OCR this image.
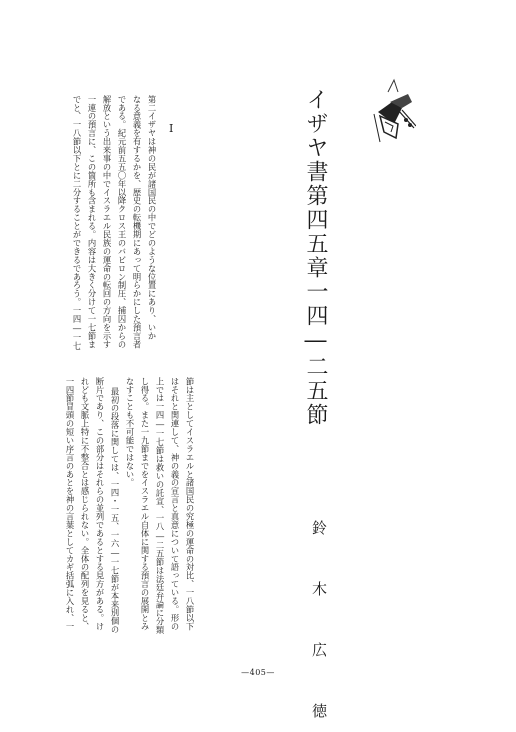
イザヤ書第四五章一四―二五節
I
第二イザヤは神の民が諸国民の中でどのような位置にあり、いか
なる意義を有するかを、歴史の転機期にあって明らかにした預言者
である。紀元前五五〇年以降クロス王のバビロン制圧、捕囚からの
解放という出来事の中でイスラエル民族の運命の転回の方向を示す
一連の預言に、この箇所も含まれる。内容は大きく分けて一七節ま
でと、一八節以下とに二分することができるであろう。一四―一七
節は主としてイスラエルと諸国民の究極の運命の対比、一八節以下
はそれと関連して、神の義の宣言と真意について語っている。形の
上では一四―一七節は救いの託宣、一八―二五節は法廷弁論に分類
し得る。また一九節までをイスラエル自体に関する預言の展開とみ
なすことも不可能ではない。
最初の段落に関しては、一四・一五、一六―一七節が本来別個の
断片であり、この部分はそれらの並列であるとする見方がある。け
れども文脈上特に不整合とは感じられない。全体の配列を見ると、
一四節冒頭の短い序言のあとを神の言葉としてカギ括弧に入れ、一	鈴 木 広 徳
—405—
